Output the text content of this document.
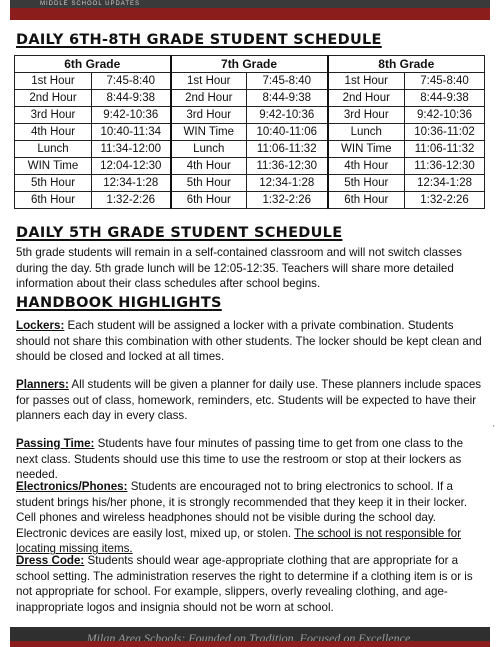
MIDDLE SCHOOL UPDATES
DAILY 6TH-8TH GRADE STUDENT SCHEDULE
6th Grade		7th Grade		8th Grade	
1st Hour	7:45-8:40	1st Hour	7:45-8:40	1st Hour	7:45-8:40
2nd Hour	8:44-9:38	2nd Hour	8:44-9:38	2nd Hour	8:44-9:38
3rd Hour	9:42-10:36	3rd Hour	9:42-10:36	3rd Hour	9:42-10:36
4th Hour	10:40-11:34	WIN Time	10:40-11:06	Lunch	10:36-11:02
Lunch	11:34-12:00	Lunch	11:06-11:32	WIN Time	11:06-11:32
WIN Time	12:04-12:30	4th Hour	11:36-12:30	4th Hour	11:36-12:30
5th Hour	12:34-1:28	5th Hour	12:34-1:28	5th Hour	12:34-1:28
6th Hour	1:32-2:26	6th Hour	1:32-2:26	6th Hour	1:32-2:26
DAILY 5TH GRADE STUDENT SCHEDULE
5th grade students will remain in a self-contained classroom and will not switch classes during the day. 5th grade lunch will be 12:05-12:35. Teachers will share more detailed information about their class schedules after school begins.
HANDBOOK HIGHLIGHTS
Lockers: Each student will be assigned a locker with a private combination. Students should not share this combination with other students. The locker should be kept clean and should be closed and locked at all times.
Planners: All students will be given a planner for daily use. These planners include spaces for passes out of class, homework, reminders, etc. Students will be expected to have their planners each day in every class.
'
Passing Time: Students have four minutes of passing time to get from one class to the next class. Students should use this time to use the restroom or stop at their lockers as needed.
Electronics/Phones: Students are encouraged not to bring electronics to school. If a student brings his/her phone, it is strongly recommended that they keep it in their locker. Cell phones and wireless headphones should not be visible during the school day. Electronic devices are easily lost, mixed up, or stolen. The school is not responsible for locating missing items.
Dress Code: Students should wear age-appropriate clothing that are appropriate for a school setting. The administration reserves the right to determine if a clothing item is or is not appropriate for school. For example, slippers, overly revealing clothing, and age-inappropriate logos and insignia should not be worn at school.
Milan Area Schools: Founded on Tradition. Focused on Excellence.
